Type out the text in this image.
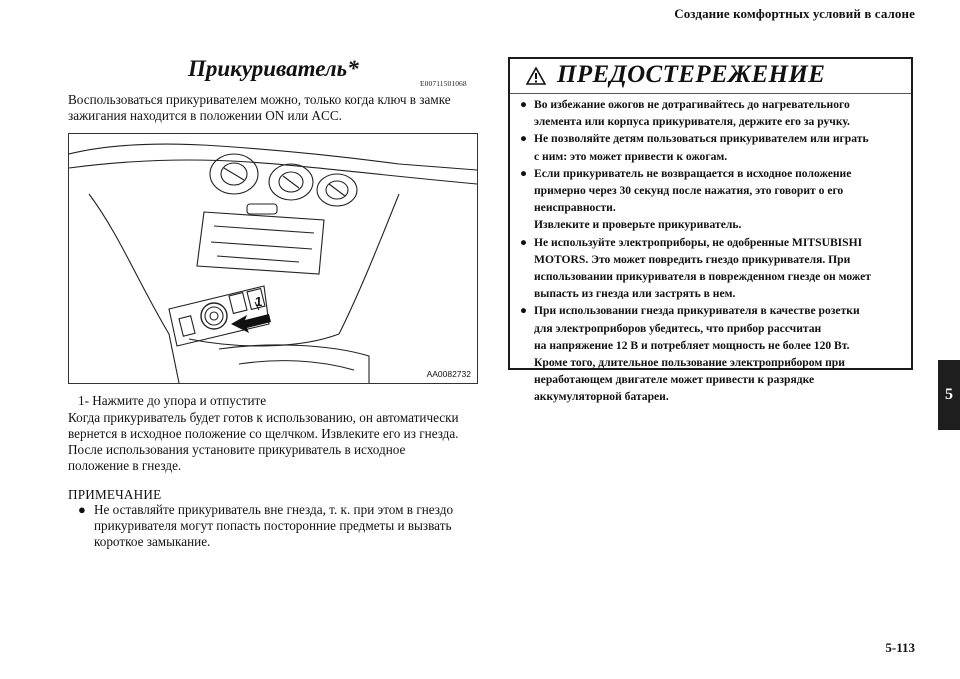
Создание комфортных условий в салоне
5
Прикуриватель*
E00711501068
Воспользоваться прикуривателем можно, только когда ключ в замке
зажигания находится в положении ON или ACC.
1
AA0082732
1- Нажмите до упора и отпустите
Когда прикуриватель будет готов к использованию, он автоматически
вернется в исходное положение со щелчком. Извлеките его из гнезда.
После использования установите прикуриватель в исходное
положение в гнезде.
ПРИМЕЧАНИЕ
● Не оставляйте прикуриватель вне гнезда, т. к. при этом в гнездо
прикуривателя могут попасть посторонние предметы и вызвать
короткое замыкание.
ПРЕДОСТЕРЕЖЕНИЕ
● Во избежание ожогов не дотрагивайтесь до нагревательного
элемента или корпуса прикуривателя, держите его за ручку.
● Не позволяйте детям пользоваться прикуривателем или играть
с ним: это может привести к ожогам.
● Если прикуриватель не возвращается в исходное положение
примерно через 30 секунд после нажатия, это говорит о его
неисправности.
Извлеките и проверьте прикуриватель.
● Не используйте электроприборы, не одобренные MITSUBISHI
MOTORS. Это может повредить гнездо прикуривателя. При
использовании прикуривателя в поврежденном гнезде он может
выпасть из гнезда или застрять в нем.
● При использовании гнезда прикуривателя в качестве розетки
для электроприборов убедитесь, что прибор рассчитан
на напряжение 12 В и потребляет мощность не более 120 Вт.
Кроме того, длительное пользование электроприбором при
неработающем двигателе может привести к разрядке
аккумуляторной батареи.
5-113
